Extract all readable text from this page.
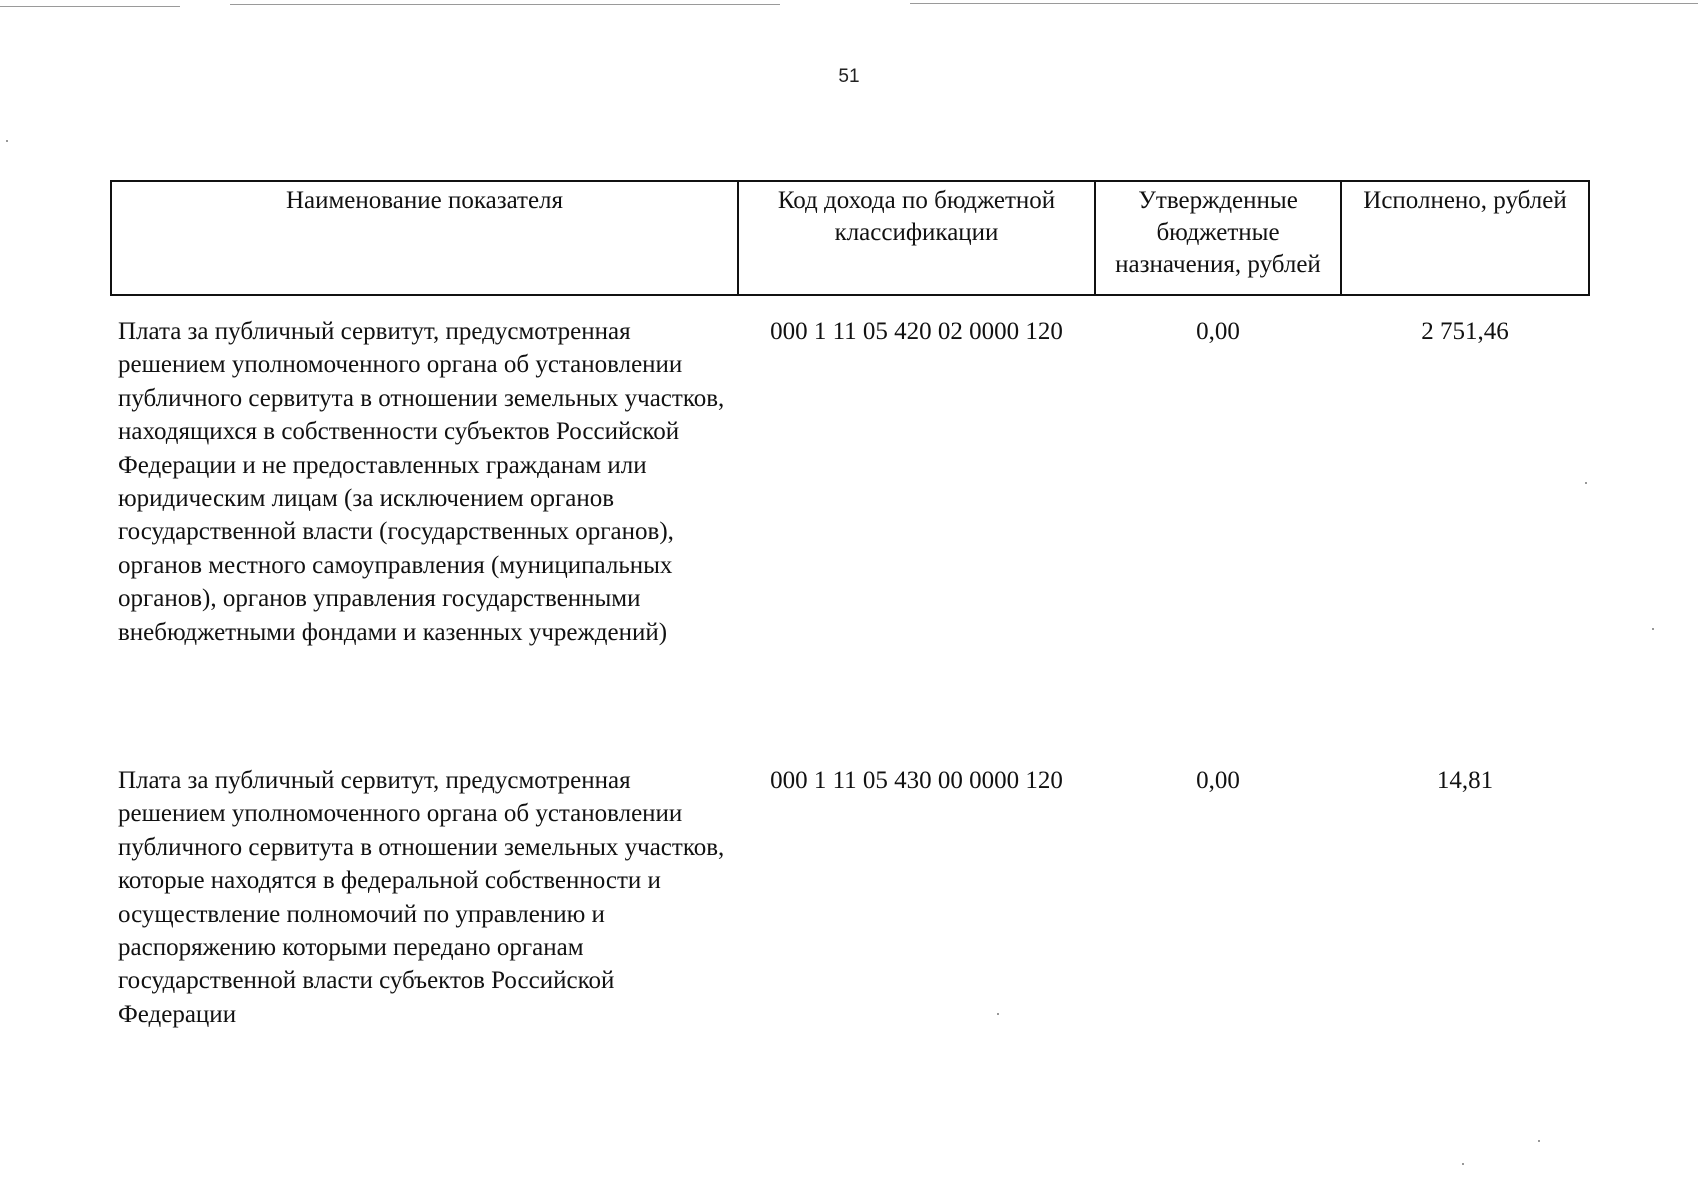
51
Наименование показателя	Код дохода по бюджетной классификации	Утвержденные бюджетные назначения, рублей	Исполнено, рублей
Плата за публичный сервитут, предусмотренная решением уполномоченного органа об установлении публичного сервитута в отношении земельных участков, находящихся в собственности субъектов Российской Федерации и не предоставленных гражданам или юридическим лицам (за исключением органов государственной власти (государственных органов), органов местного самоуправления (муниципальных органов), органов управления государственными внебюджетными фондами и казенных учреждений)	000 1 11 05 420 02 0000 120	0,00	2 751,46
Плата за публичный сервитут, предусмотренная решением уполномоченного органа об установлении публичного сервитута в отношении земельных участков, которые находятся в федеральной собственности и осуществление полномочий по управлению и распоряжению которыми передано органам государственной власти субъектов Российской Федерации	000 1 11 05 430 00 0000 120	0,00	14,81
